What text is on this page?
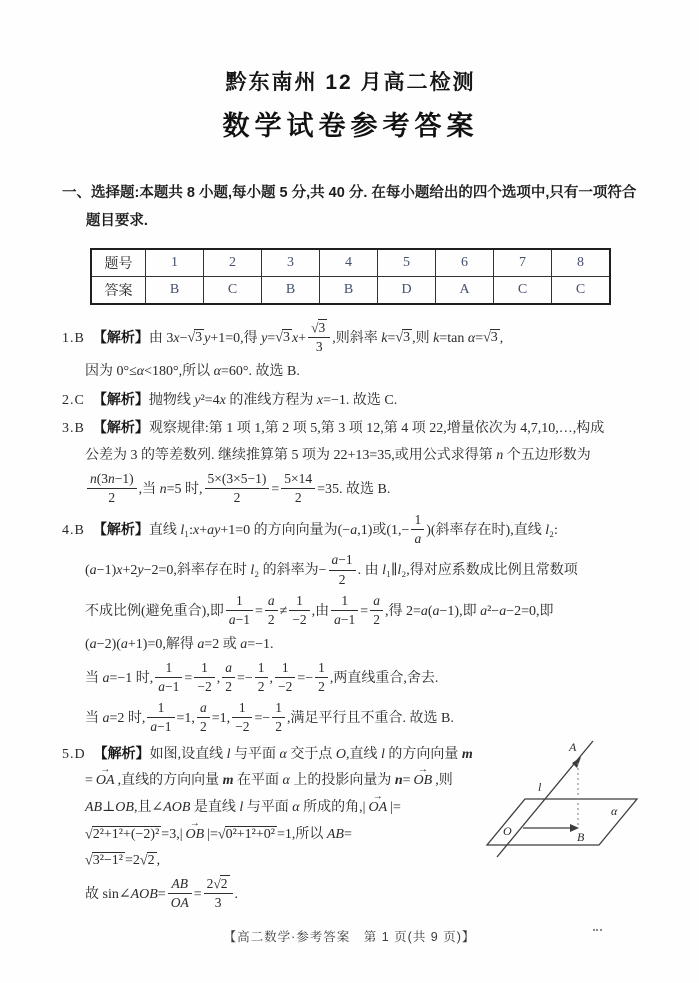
黔东南州 12 月高二检测
数学试卷参考答案

一、选择题:本题共 8 小题,每小题 5 分,共 40 分. 在每小题给出的四个选项中,只有一项符合题目要求.

题号	1	2	3	4	5	6	7	8
答案	B	C	B	B	D	A	C	C
1.B 【解析】由 3x−√3 y+1=0,得 y=√3 $x+ \frac{√3}{3}$ ,则斜率 k=√3 ,则 k=tan α=√3 ,
因为 0°≤α<180°,所以 α=60°. 故选 B.
2.C 【解析】抛物线 y²=4x 的准线方程为 x=−1. 故选 C.
3.B 【解析】观察规律:第 1 项 1,第 2 项 5,第 3 项 12,第 4 项 22,增量依次为 4,7,10,…,构成
公差为 3 的等差数列. 继续推算第 5 项为 22+13=35,或用公式求得第 n 个五边形数为
$\frac{n(3n-1)}{2}$ ,当 n=5 时, $\frac{5\times(3\times 5-1)}{2} = \frac{5\times 14}{2} =35$. 故选 B.
4.B 【解析】直线 l₁:x+ay+1=0 的方向向量为(−a,1)或($1,- \frac{1}{a}$ )(斜率存在时),直线 l₂:
(a−1)x+2y−2=0,斜率存在时 l₂ 的斜率为− $\frac{a-1}{2}$ . 由 l₁∥l₂,得对应系数成比例且常数项
不成比例(避免重合),即 $\frac{1}{a-1} = \frac{a}{2} \ne \frac{1}{-2}$ ,由 $\frac{1}{a-1} = \frac{a}{2}$ ,得 2=a(a−1),即 a²−a−2=0,即
(a−2)(a+1)=0,解得 a=2 或 a=−1.
当 a=−1 时, $\frac{1}{a-1} = \frac{1}{-2}$ , $\frac{a}{2} =- \frac{1}{2}$ , $\frac{1}{-2} =- \frac{1}{2}$ ,两直线重合,舍去.
当 a=2 时, $\frac{1}{a-1} =1$, $\frac{a}{2} =1$, $\frac{1}{-2} =- \frac{1}{2}$ ,满足平行且不重合. 故选 B.
5.D 【解析】如图,设直线 l 与平面 α 交于点 O,直线 l 的方向向量 m
= OA → ,直线的方向向量 m 在平面 α 上的投影向量为 n= OB → ,则
AB⊥OB,且∠AOB 是直线 l 与平面 α 所成的角,| OA → |=
√2²+1²+(−2)² =3,| OB → |=√0²+1²+0² =1,所以 AB=
√3²−1² =2√2 ,
故 sin∠AOB= $\frac{AB}{OA} = \frac{2√2}{3}$ .
A
l
O	B
α
【高二数学·参考答案　第 1 页(共 9 页)】
